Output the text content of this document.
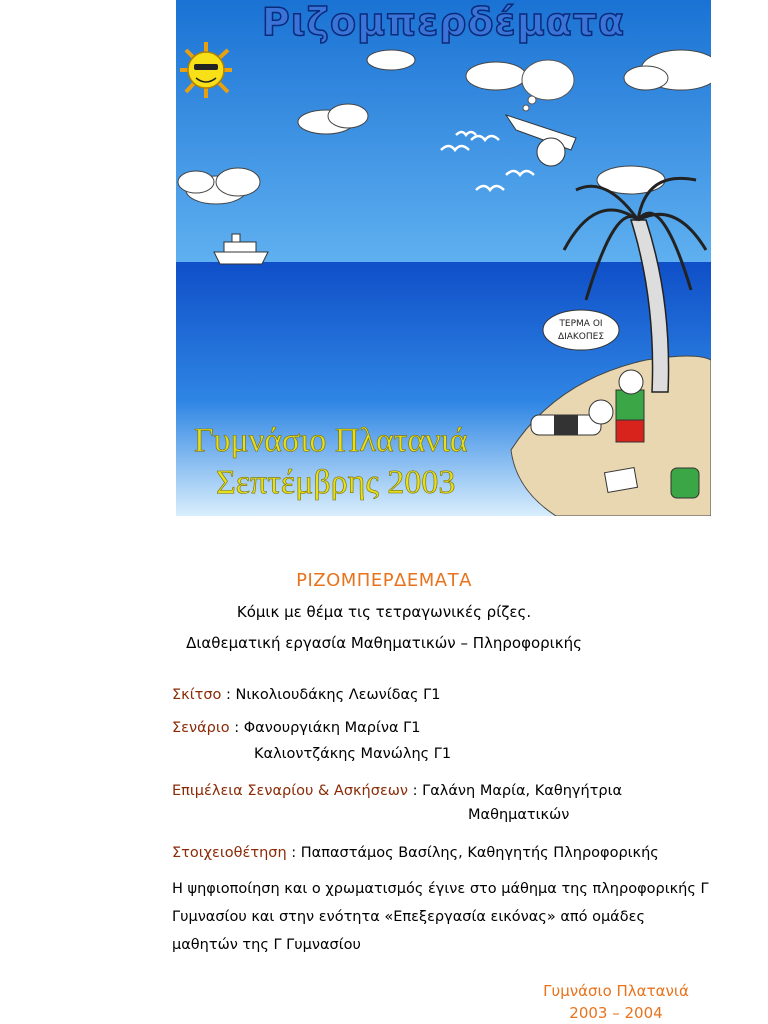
ΤΕΡΜΑ ΟΙ
ΔΙΑΚΟΠΕΣ
Ριζομπερδέματα
Γυμνάσιο Πλατανιά
Σεπτέμβρης 2003
ΡΙΖΟΜΠΕΡΔΕΜΑΤΑ
Κόμικ με θέμα τις τετραγωνικές ρίζες.
Διαθεματική εργασία Μαθηματικών – Πληροφορικής
Σκίτσο : Νικολιουδάκης Λεωνίδας Γ1
Σενάριο : Φανουργιάκη Μαρίνα Γ1
Καλιοντζάκης Μανώλης Γ1
Επιμέλεια Σεναρίου & Ασκήσεων : Γαλάνη Μαρία, Καθηγήτρια
Μαθηματικών
Στοιχειοθέτηση : Παπαστάμος Βασίλης, Καθηγητής Πληροφορικής
Η ψηφιοποίηση και ο χρωματισμός έγινε στο μάθημα της πληροφορικής Γ Γυμνασίου και στην ενότητα «Επεξεργασία εικόνας» από ομάδες μαθητών της Γ Γυμνασίου
Γυμνάσιο Πλατανιά
2003 – 2004
